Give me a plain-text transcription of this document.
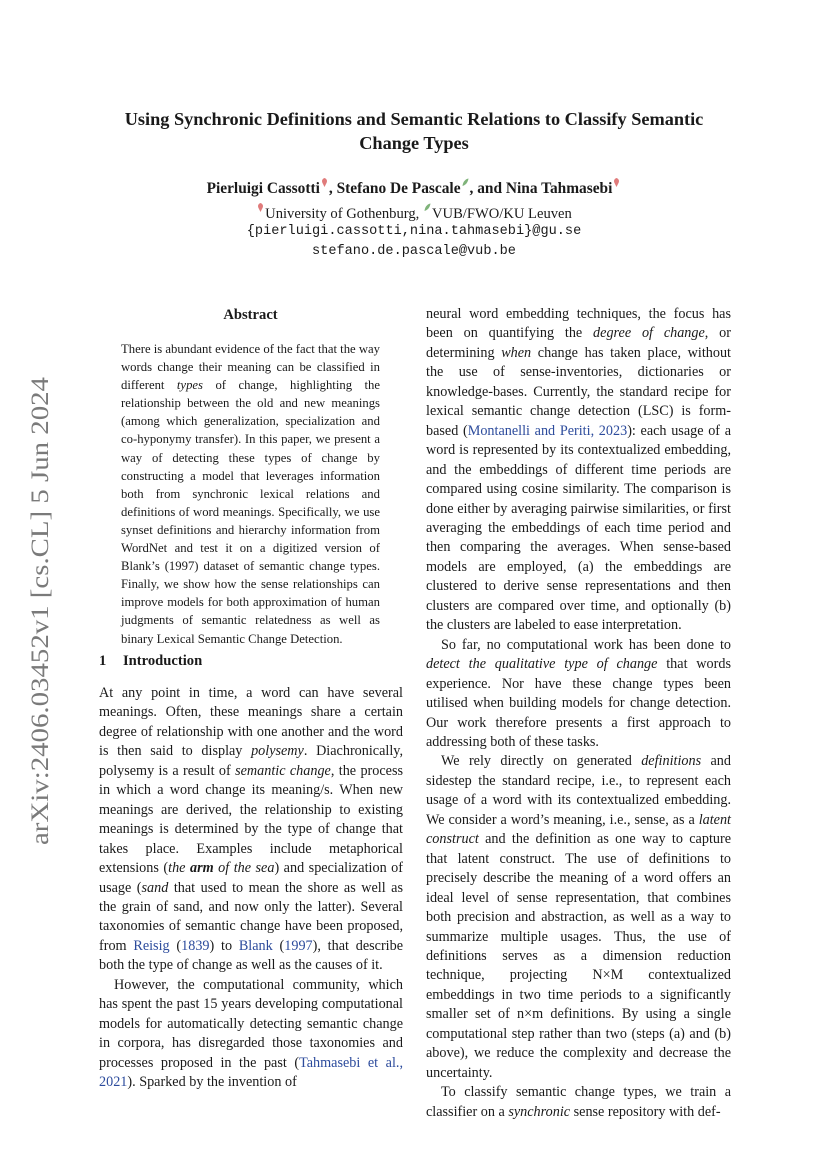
arXiv:2406.03452v1 [cs.CL] 5 Jun 2024
Using Synchronic Definitions and Semantic Relations to Classify Semantic
Change Types
Pierluigi Cassotti , Stefano De Pascale , and Nina Tahmasebi
University of Gothenburg, VUB/FWO/KU Leuven
{pierluigi.cassotti,nina.tahmasebi}@gu.se
stefano.de.pascale@vub.be
Abstract
There is abundant evidence of the fact that the way words change their meaning can be classified in different types of change, highlighting the relationship between the old and new meanings (among which generalization, specialization and co-hyponymy transfer). In this paper, we present a way of detecting these types of change by constructing a model that leverages information both from synchronic lexical relations and definitions of word meanings. Specifically, we use synset definitions and hierarchy information from WordNet and test it on a digitized version of Blank’s (1997) dataset of semantic change types. Finally, we show how the sense relationships can improve models for both approximation of human judgments of semantic relatedness as well as binary Lexical Semantic Change Detection.
1 Introduction

At any point in time, a word can have several meanings. Often, these meanings share a certain degree of relationship with one another and the word is then said to display polysemy. Diachronically, polysemy is a result of semantic change, the process in which a word change its meaning/s. When new meanings are derived, the relationship to existing meanings is determined by the type of change that takes place. Examples include metaphorical extensions (the arm of the sea) and specialization of usage (sand that used to mean the shore as well as the grain of sand, and now only the latter). Several taxonomies of semantic change have been proposed, from Reisig (1839) to Blank (1997), that describe both the type of change as well as the causes of it.

However, the computational community, which has spent the past 15 years developing computational models for automatically detecting semantic change in corpora, has disregarded those taxonomies and processes proposed in the past (Tahmasebi et al., 2021). Sparked by the invention of

neural word embedding techniques, the focus has been on quantifying the degree of change, or determining when change has taken place, without the use of sense-inventories, dictionaries or knowledge-bases. Currently, the standard recipe for lexical semantic change detection (LSC) is form-based (Montanelli and Periti, 2023): each usage of a word is represented by its contextualized embedding, and the embeddings of different time periods are compared using cosine similarity. The comparison is done either by averaging pairwise similarities, or first averaging the embeddings of each time period and then comparing the averages. When sense-based models are employed, (a) the embeddings are clustered to derive sense representations and then clusters are compared over time, and optionally (b) the clusters are labeled to ease interpretation.

So far, no computational work has been done to detect the qualitative type of change that words experience. Nor have these change types been utilised when building models for change detection. Our work therefore presents a first approach to addressing both of these tasks.

We rely directly on generated definitions and sidestep the standard recipe, i.e., to represent each usage of a word with its contextualized embedding. We consider a word’s meaning, i.e., sense, as a latent construct and the definition as one way to capture that latent construct. The use of definitions to precisely describe the meaning of a word offers an ideal level of sense representation, that combines both precision and abstraction, as well as a way to summarize multiple usages. Thus, the use of definitions serves as a dimension reduction technique, projecting N×M contextualized embeddings in two time periods to a significantly smaller set of n×m definitions. By using a single computational step rather than two (steps (a) and (b) above), we reduce the complexity and decrease the uncertainty.

To classify semantic change types, we train a classifier on a synchronic sense repository with def-
